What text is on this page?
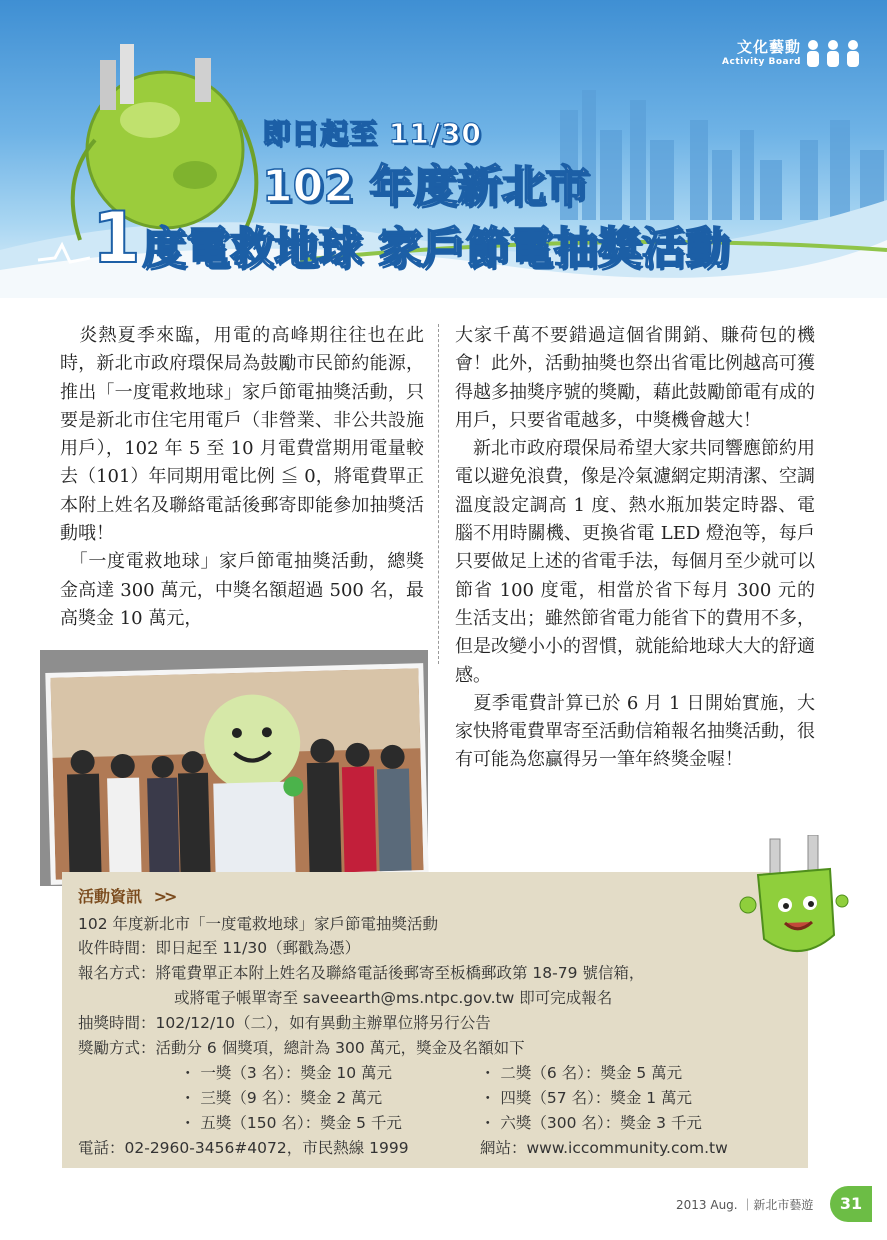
1
文化藝動
Activity Board
即日起至 11/30
102 年度新北市
度電救地球 家戶節電抽獎活動

　炎熱夏季來臨，用電的高峰期往往也在此時，新北市政府環保局為鼓勵市民節約能源，推出「一度電救地球」家戶節電抽獎活動，只要是新北市住宅用電戶（非營業、非公共設施用戶），102 年 5 至 10 月電費當期用電量較去（101）年同期用電比例 ≦ 0，將電費單正本附上姓名及聯絡電話後郵寄即能參加抽獎活動哦！

　「一度電救地球」家戶節電抽獎活動，總獎金高達 300 萬元，中獎名額超過 500 名，最高獎金 10 萬元，

大家千萬不要錯過這個省開銷、賺荷包的機會！此外，活動抽獎也祭出省電比例越高可獲得越多抽獎序號的獎勵，藉此鼓勵節電有成的用戶，只要省電越多，中獎機會越大！

　新北市政府環保局希望大家共同響應節約用電以避免浪費，像是冷氣濾網定期清潔、空調溫度設定調高 1 度、熱水瓶加裝定時器、電腦不用時關機、更換省電 LED 燈泡等，每戶只要做足上述的省電手法，每個月至少就可以節省 100 度電，相當於省下每月 300 元的生活支出；雖然節省電力能省下的費用不多，但是改變小小的習慣，就能給地球大大的舒適感。

　夏季電費計算已於 6 月 1 日開始實施，大家快將電費單寄至活動信箱報名抽獎活動，很有可能為您贏得另一筆年終獎金喔！

活動資訊 >>
102 年度新北市「一度電救地球」家戶節電抽獎活動
收件時間：即日起至 11/30（郵戳為憑）
報名方式：將電費單正本附上姓名及聯絡電話後郵寄至板橋郵政第 18-79 號信箱，
或將電子帳單寄至 saveearth@ms.ntpc.gov.tw 即可完成報名
抽獎時間：102/12/10（二），如有異動主辦單位將另行公告
獎勵方式：活動分 6 個獎項，總計為 300 萬元，獎金及名額如下
・ 一獎（3 名）：獎金 10 萬元	・ 二獎（6 名）：獎金 5 萬元
・ 三獎（9 名）：獎金 2 萬元	・ 四獎（57 名）：獎金 1 萬元
・ 五獎（150 名）：獎金 5 千元	・ 六獎（300 名）：獎金 3 千元
電話：02-2960-3456#4072，市民熱線 1999	網站：www.iccommunity.com.tw
2013 Aug. ｜新北市藝遊	31
